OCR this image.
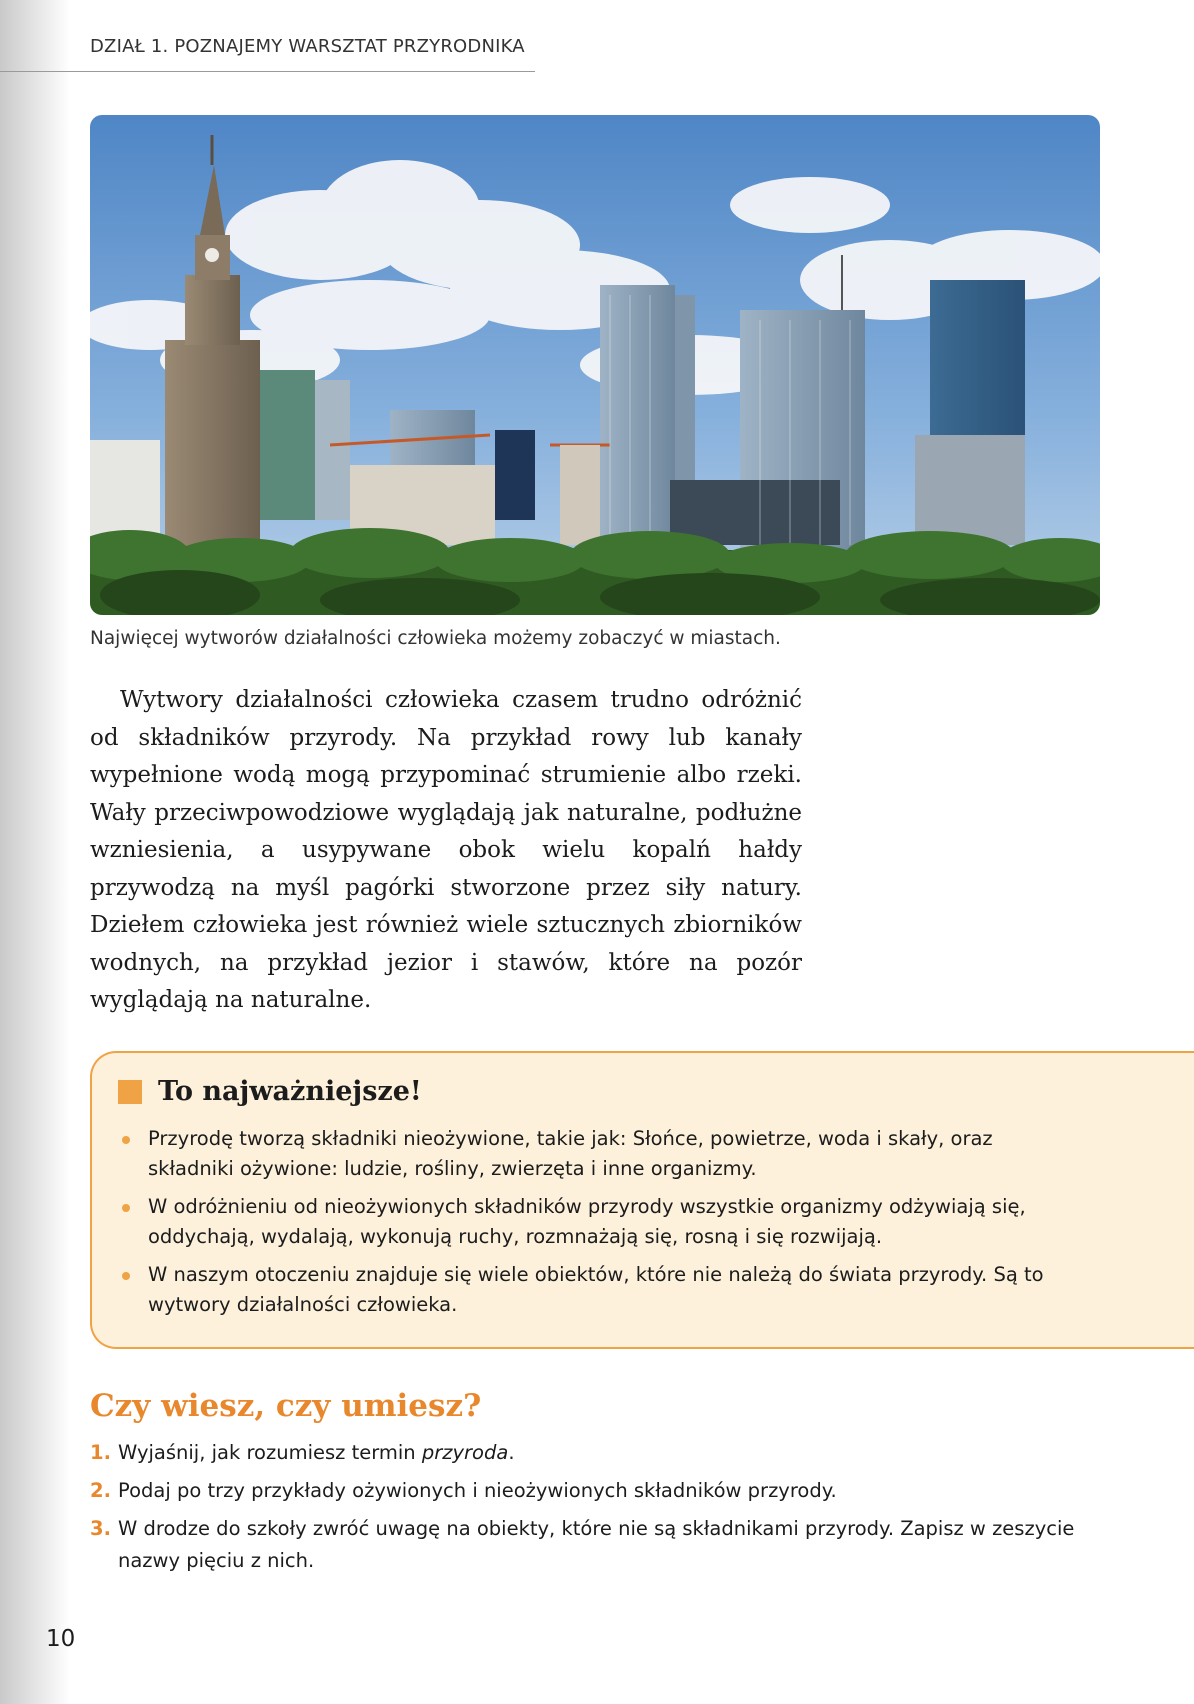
DZIAŁ 1. POZNAJEMY WARSZTAT PRZYRODNIKA
Najwięcej wytworów działalności człowieka możemy zobaczyć w miastach.

Wytwory działalności człowieka czasem trudno odróżnić od składników przyrody. Na przykład rowy lub kanały wypełnione wodą mogą przypominać strumienie albo rzeki. Wały przeciwpowodziowe wyglądają jak naturalne, podłużne wzniesienia, a usypywane obok wielu kopalń hałdy przywodzą na myśl pagórki stworzone przez siły natury. Dziełem człowieka jest również wiele sztucznych zbiorników wodnych, na przykład jezior i stawów, które na pozór wyglądają na naturalne.

To najważniejsze!
Przyrodę tworzą składniki nieożywione, takie jak: Słońce, powietrze, woda i skały, oraz składniki ożywione: ludzie, rośliny, zwierzęta i inne organizmy.
W odróżnieniu od nieożywionych składników przyrody wszystkie organizmy odżywiają się, oddychają, wydalają, wykonują ruchy, rozmnażają się, rosną i się rozwijają.
W naszym otoczeniu znajduje się wiele obiektów, które nie należą do świata przyrody. Są to wytwory działalności człowieka.
Czy wiesz, czy umiesz?
1. Wyjaśnij, jak rozumiesz termin przyroda.
2. Podaj po trzy przykłady ożywionych i nieożywionych składników przyrody.
3. W drodze do szkoły zwróć uwagę na obiekty, które nie są składnikami przyrody. Zapisz w zeszycie nazwy pięciu z nich.
10
